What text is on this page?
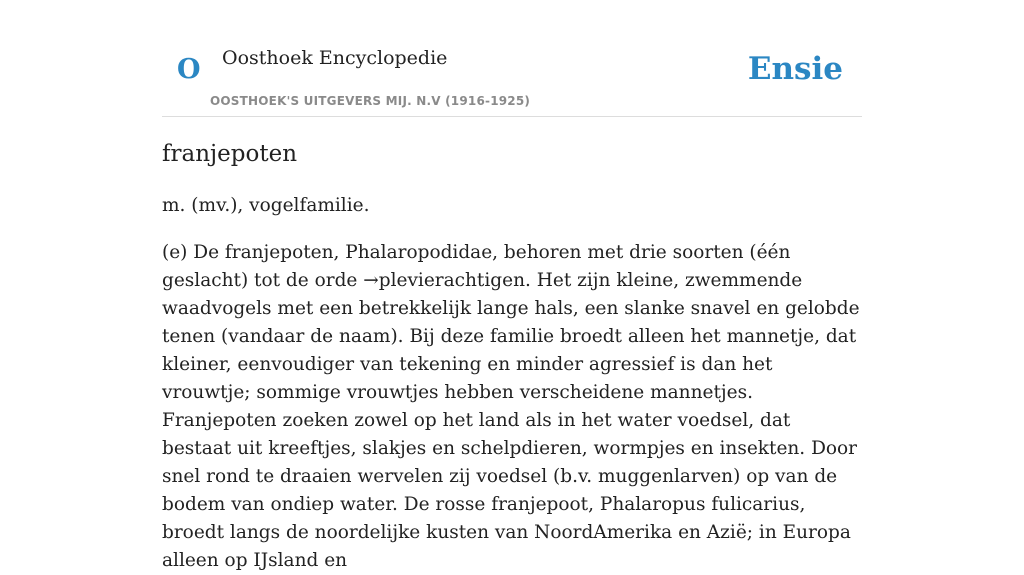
O Oosthoek Encyclopedie
OOSTHOEK'S UITGEVERS MIJ. N.V (1916-1925)
Ensie
franjepoten

m. (mv.), vogelfamilie.

(e) De franjepoten, Phalaropodidae, behoren met drie soorten (één geslacht) tot de orde →plevierachtigen. Het zijn kleine, zwemmende waadvogels met een betrekkelijk lange hals, een slanke snavel en gelobde tenen (vandaar de naam). Bij deze familie broedt alleen het mannetje, dat kleiner, eenvoudiger van tekening en minder agressief is dan het vrouwtje; sommige vrouwtjes hebben verscheidene mannetjes. Franjepoten zoeken zowel op het land als in het water voedsel, dat bestaat uit kreeftjes, slakjes en schelpdieren, wormpjes en insekten. Door snel rond te draaien wervelen zij voedsel (b.v. muggenlarven) op van de bodem van ondiep water. De rosse franjepoot, Phalaropus fulicarius, broedt langs de noordelijke kusten van NoordAmerika en Azië; in Europa alleen op IJsland en
